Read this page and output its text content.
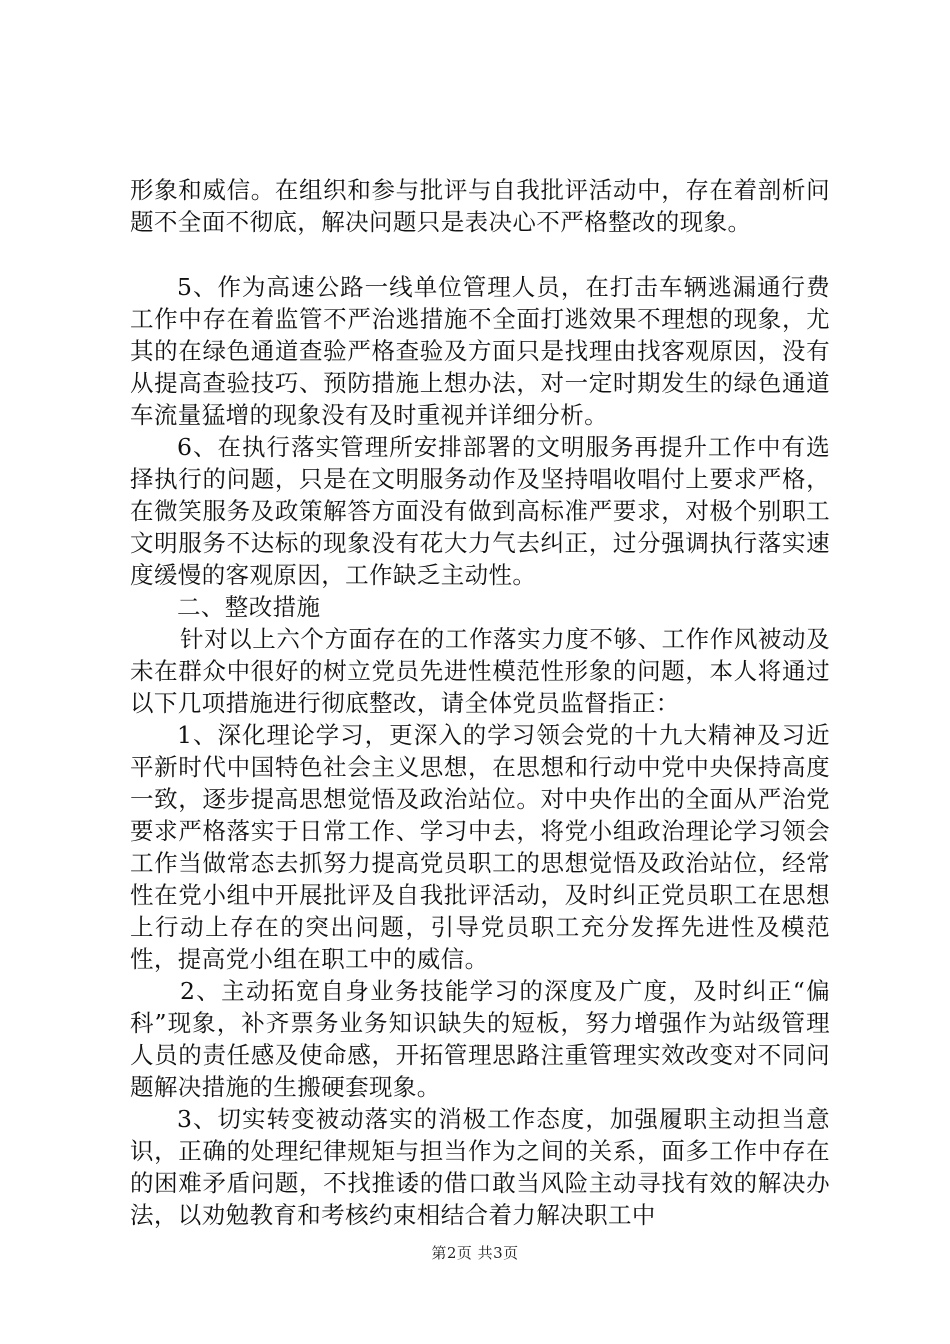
形象和威信。在组织和参与批评与自我批评活动中，存在着剖析问题不全面不彻底，解决问题只是表决心不严格整改的现象。

5、作为高速公路一线单位管理人员，在打击车辆逃漏通行费工作中存在着监管不严治逃措施不全面打逃效果不理想的现象，尤其的在绿色通道查验严格查验及方面只是找理由找客观原因，没有从提高查验技巧、预防措施上想办法，对一定时期发生的绿色通道车流量猛增的现象没有及时重视并详细分析。

6、在执行落实管理所安排部署的文明服务再提升工作中有选择执行的问题，只是在文明服务动作及坚持唱收唱付上要求严格，在微笑服务及政策解答方面没有做到高标准严要求，对极个别职工文明服务不达标的现象没有花大力气去纠正，过分强调执行落实速度缓慢的客观原因，工作缺乏主动性。

二、整改措施

针对以上六个方面存在的工作落实力度不够、工作作风被动及未在群众中很好的树立党员先进性模范性形象的问题，本人将通过以下几项措施进行彻底整改，请全体党员监督指正：

1、深化理论学习，更深入的学习领会党的十九大精神及习近平新时代中国特色社会主义思想，在思想和行动中党中央保持高度一致，逐步提高思想觉悟及政治站位。对中央作出的全面从严治党要求严格落实于日常工作、学习中去，将党小组政治理论学习领会工作当做常态去抓努力提高党员职工的思想觉悟及政治站位，经常性在党小组中开展批评及自我批评活动，及时纠正党员职工在思想上行动上存在的突出问题，引导党员职工充分发挥先进性及模范性，提高党小组在职工中的威信。

2、主动拓宽自身业务技能学习的深度及广度，及时纠正“偏科”现象，补齐票务业务知识缺失的短板，努力增强作为站级管理人员的责任感及使命感，开拓管理思路注重管理实效改变对不同问题解决措施的生搬硬套现象。

3、切实转变被动落实的消极工作态度，加强履职主动担当意识，正确的处理纪律规矩与担当作为之间的关系，面多工作中存在的困难矛盾问题，不找推诿的借口敢当风险主动寻找有效的解决办法，以劝勉教育和考核约束相结合着力解决职工中

第2页 共3页
